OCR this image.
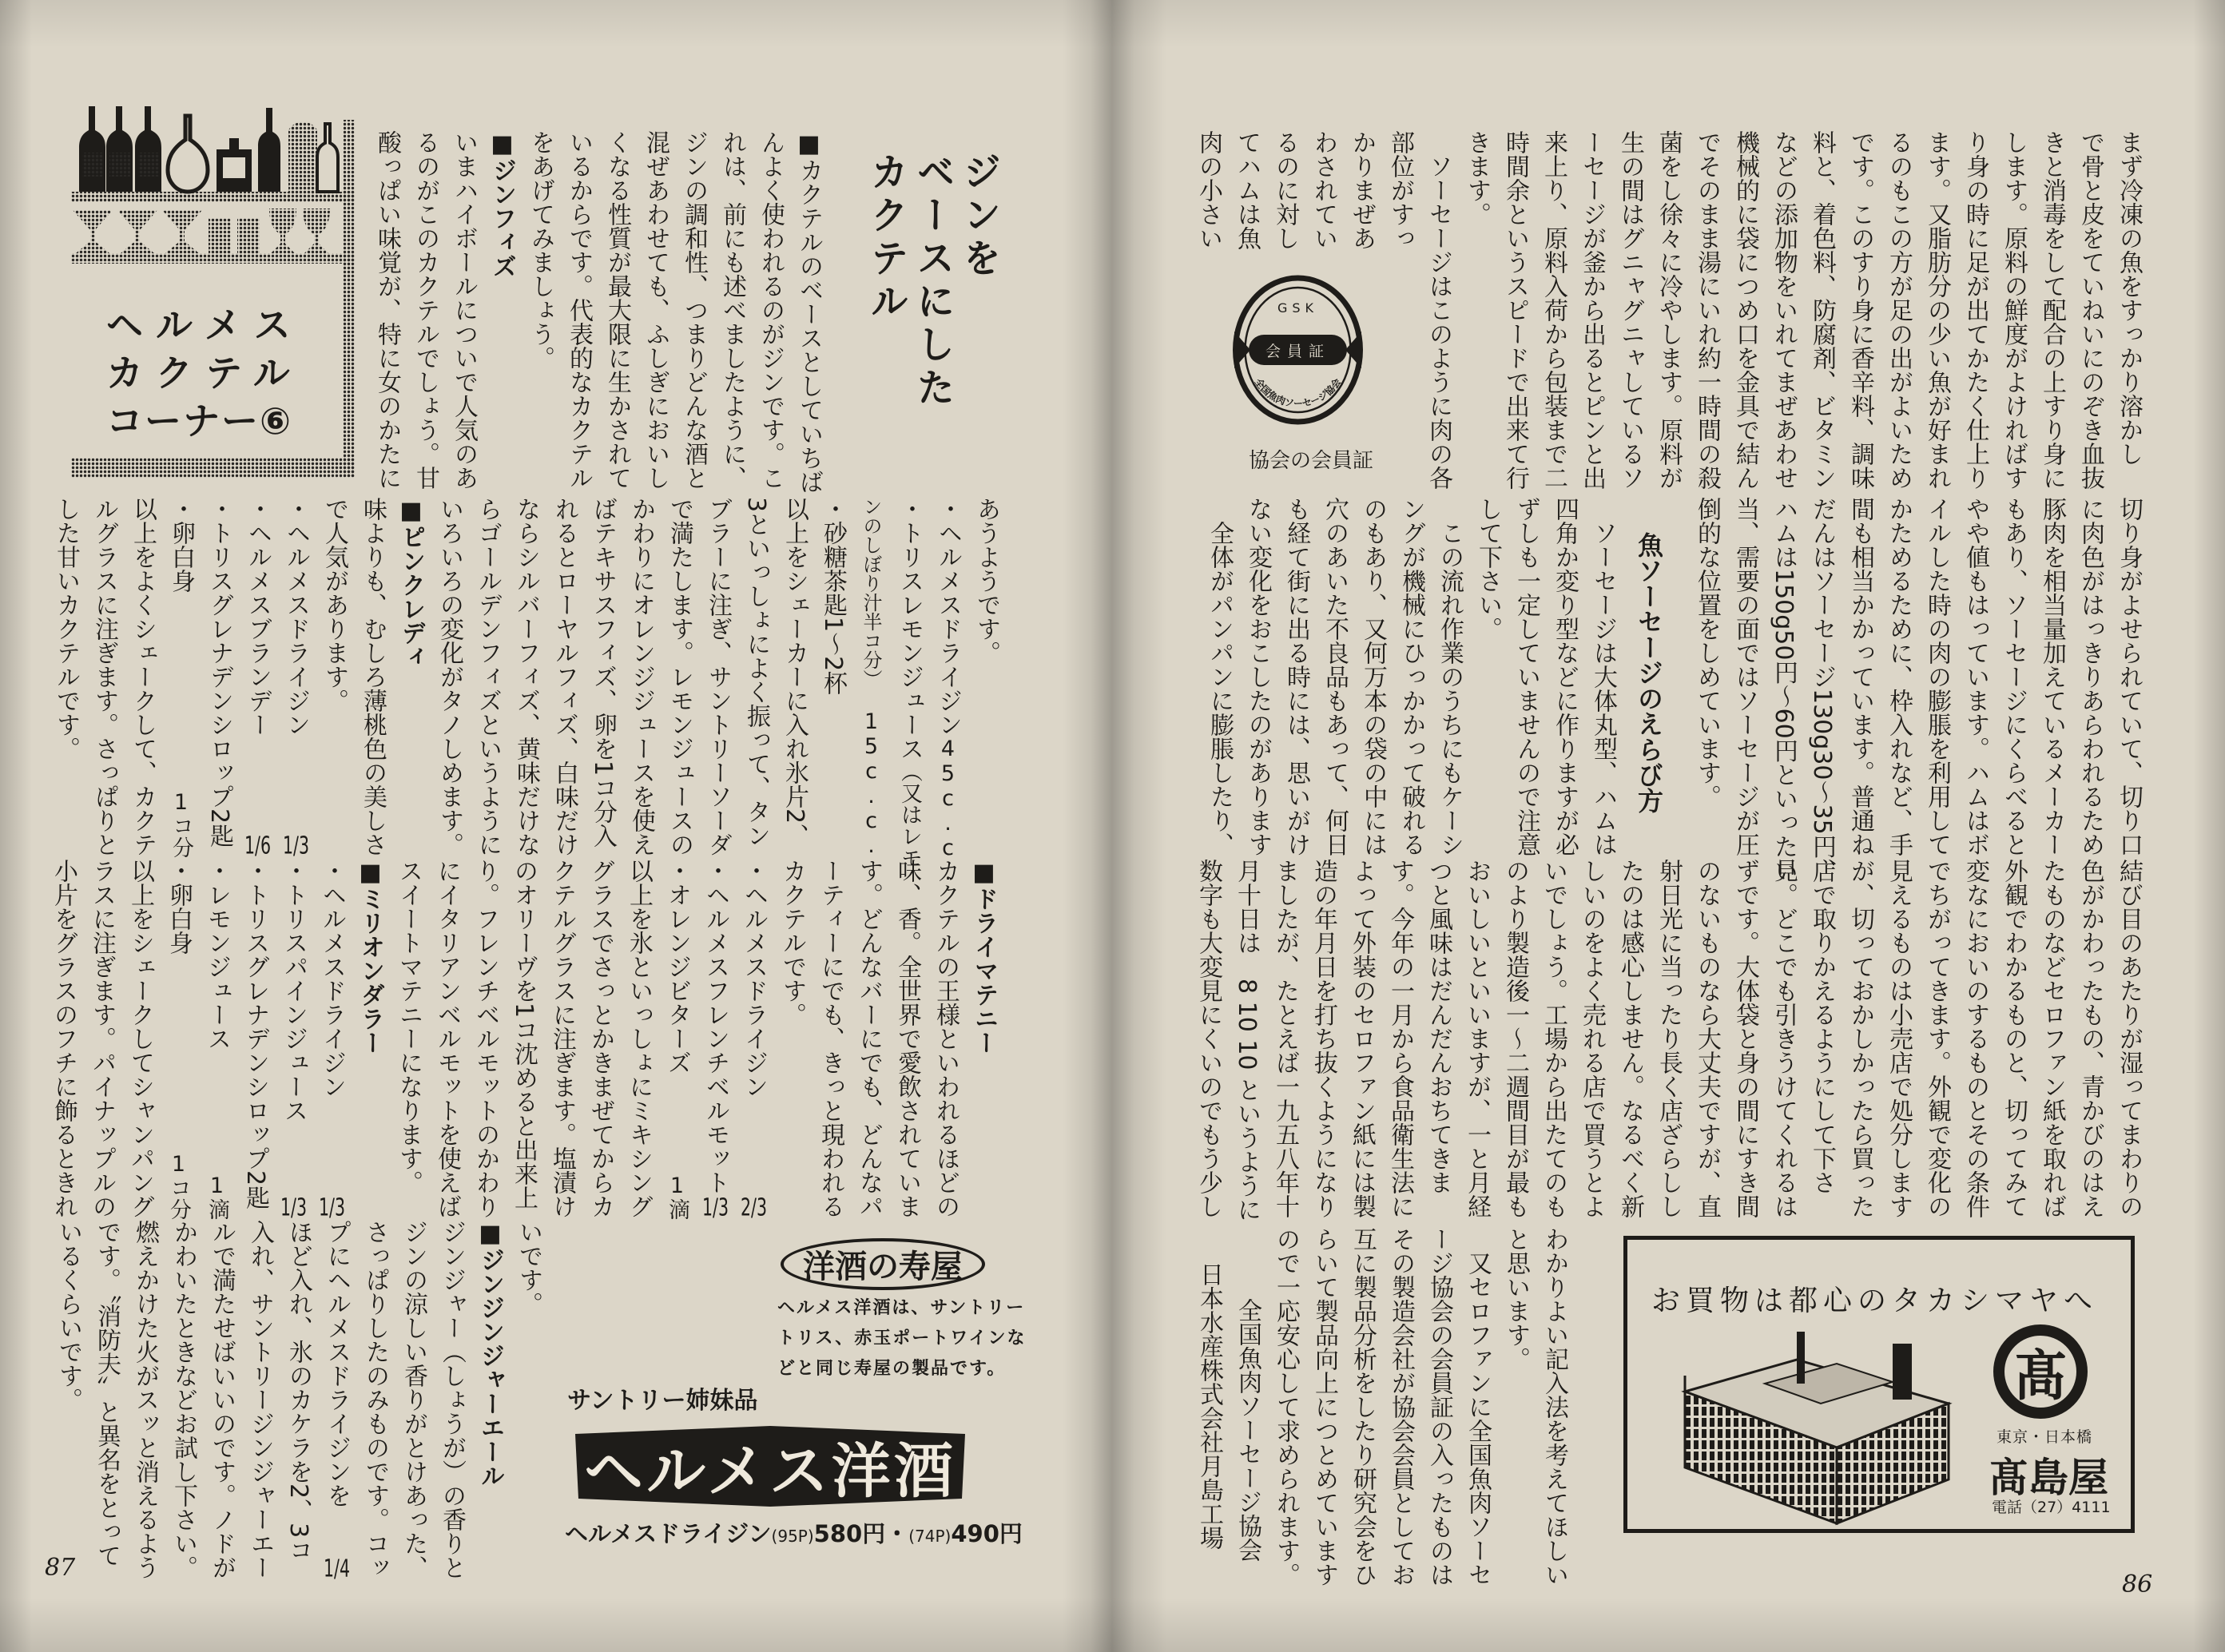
ヘルメス
カクテル
コーナー⑥
ジンを
ベースにした
カクテル
■カクテルのベースとしていちば
んよく使われるのがジンです。こ
れは、前にも述べましたように、
ジンの調和性、つまりどんな酒と
混ぜあわせても、ふしぎにおいし
くなる性質が最大限に生かされて
いるからです。代表的なカクテル
をあげてみましょう。
■ジンフィズ
いまハイボールについで人気のあ
るのがこのカクテルでしょう。甘
酸っぱい味覚が、特に女のかたに
あうようです。
・ヘルメスドライジン
45c.c.
・トリスレモンジュース
（又はレモ
ンのしぼり汁半コ分）
15c.c.
・砂糖茶匙1～2杯
以上をシェーカーに入れ氷片2、
3といっしょによく振って、タン
ブラーに注ぎ、サントリーソーダ
で満たします。レモンジュースの
かわりにオレンジジュースを使え
ばテキサスフィズ、卵を1コ分入
れるとローヤルフィズ、白味だけ
ならシルバーフィズ、黄味だけな
らゴールデンフィズというように
いろいろの変化がタノしめます。
■ピンクレディ
味よりも、むしろ薄桃色の美しさ
で人気があります。
・ヘルメスドライジン
1/3
・ヘルメスブランデー
1/6
・トリスグレナデンシロップ2匙
・卵白身
1コ分
以上をよくシェークして、カクテ
ルグラスに注ぎます。さっぱりと
した甘いカクテルです。
■ドライマテニー
カクテルの王様といわれるほどの
味、香。全世界で愛飲されていま
す。どんなバーにでも、どんなパ
ーティーにでも、きっと現われる
カクテルです。
・ヘルメスドライジン
2/3
・ヘルメスフレンチベルモット
1/3
・オレンジビターズ
1滴
以上を氷といっしょにミキシング
グラスでさっとかきまぜてからカ
クテルグラスに注ぎます。塩漬け
のオリーヴを1コ沈めると出来上
り。フレンチベルモットのかわり
にイタリアンベルモットを使えば
スイートマテニーになります。
■ミリオンダラー
・ヘルメスドライジン
1/3
・トリスパインジュース
1/3
・トリスグレナデンシロップ2匙
・レモンジュース
1滴
・卵白身
1コ分
以上をシェークしてシャンパング
ラスに注ぎます。パイナップルの
小片をグラスのフチに飾るときれ
いです。
■ジンジンジャーエール
ジンジャー（しょうが）の香りと
ジンの涼しい香りがとけあった、
さっぱりしたのみものです。コッ
プにヘルメスドライジンを
1/4
ほど入れ、氷のカケラを2、3コ
入れ、サントリージンジャーエー
ルで満たせばいいのです。ノドが
かわいたときなどお試し下さい。
燃えかけた火がスッと消えるよう
です。〝消防夫〟と異名をとって
いるくらいです。	洋酒の寿屋
ヘルメス洋酒は、サントリー
トリス、赤玉ポートワインな
どと同じ寿屋の製品です。
サントリー姉妹品
ヘルメス洋酒
ヘルメスドライジン(95P)580円・(74P)490円
87
まず冷凍の魚をすっかり溶かし
で骨と皮をていねいにのぞき血抜
きと消毒をして配合の上すり身に
します。原料の鮮度がよければす
り身の時に足が出てかたく仕上り
ます。又脂肪分の少い魚が好まれ
るのもこの方が足の出がよいため
です。このすり身に香辛料、調味
料と、着色料、防腐剤、ビタミン
などの添加物をいれてまぜあわせ
機械的に袋につめ口を金具で結ん
でそのまま湯にいれ約一時間の殺
菌をし徐々に冷やします。原料が
生の間はグニャグニャしているソ
ーセージが釜から出るとピンと出
来上り、原料入荷から包装まで二
時間余というスピードで出来て行
きます。
　ソーセージはこのように肉の各
部位がすっ
かりまぜあ
わされてい
るのに対し
てハムは魚
肉の小さい
GSK
会員証
全国魚肉ソーセージ協会
協会の会員証
切り身がよせられていて、切り口
に肉色がはっきりあらわれるため
豚肉を相当量加えているメーカー
もあり、ソーセージにくらべると
やや値もはっています。ハムはボ
イルした時の肉の膨脹を利用して
かためるために、枠入れなど、手
間も相当かかっています。普通ね
だんはソーセージ130g30～35円、
ハムは150g50円～60円といった見
当、需要の面ではソーセージが圧
倒的な位置をしめています。
魚ソーセージのえらび方
　ソーセージは大体丸型、ハムは
四角か変り型などに作りますが必
ずしも一定していませんので注意
して下さい。
　この流れ作業のうちにもケーシ
ングが機械にひっかかって破れる
のもあり、又何万本の袋の中には
穴のあいた不良品もあって、何日
も経て街に出る時には、思いがけ
ない変化をおこしたのがあります
　全体がパンパンに膨脹したり、
結び目のあたりが湿ってまわりの
色がかわったもの、青かびのはえ
たものなどセロファン紙を取れば
外観でわかるものと、切ってみて
変なにおいのするものとその条件
でちがってきます。外観で変化の
見えるものは小売店で処分します
が、切っておかしかったら買った
店で取りかえるようにして下さ
い。どこでも引きうけてくれるは
ずです。大体袋と身の間にすき間
のないものなら大丈夫ですが、直
射日光に当ったり長く店ざらしし
たのは感心しません。なるべく新
しいのをよく売れる店で買うとよ
いでしょう。工場から出たてのも
のより製造後一～二週間目が最も
おいしいといいますが、一と月経
つと風味はだんだんおちてきま
す。今年の一月から食品衛生法に
よって外装のセロファン紙には製
造の年月日を打ち抜くようになり
ましたが、たとえば一九五八年十
月十日は　8 10 10 というように
数字も大変見にくいのでもう少し
わかりよい記入法を考えてほしい
と思います。
　又セロファンに全国魚肉ソーセ
ージ協会の会員証の入ったものは
その製造会社が協会会員としてお
互に製品分析をしたり研究会をひ
らいて製品向上につとめています
ので一応安心して求められます。
全国魚肉ソーセージ協会
日本水産株式会社月島工場	お買物は都心のタカシマヤへ
髙
東京・日本橋
髙島屋
電話（27）4111
86
